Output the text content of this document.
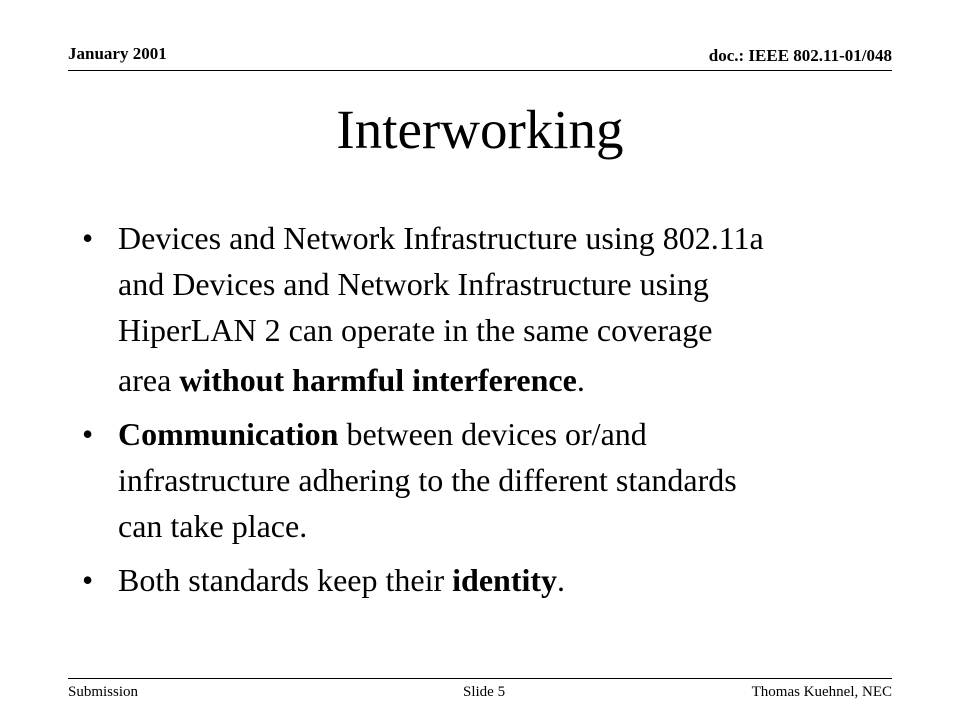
January 2001	doc.: IEEE 802.11-01/048
Interworking
• Devices and Network Infrastructure using 802.11a
and Devices and Network Infrastructure using
HiperLAN 2 can operate in the same coverage
area without harmful interference.
• Communication between devices or/and
infrastructure adhering to the different standards
can take place.
• Both standards keep their identity.
Submission	Slide 5	Thomas Kuehnel, NEC
